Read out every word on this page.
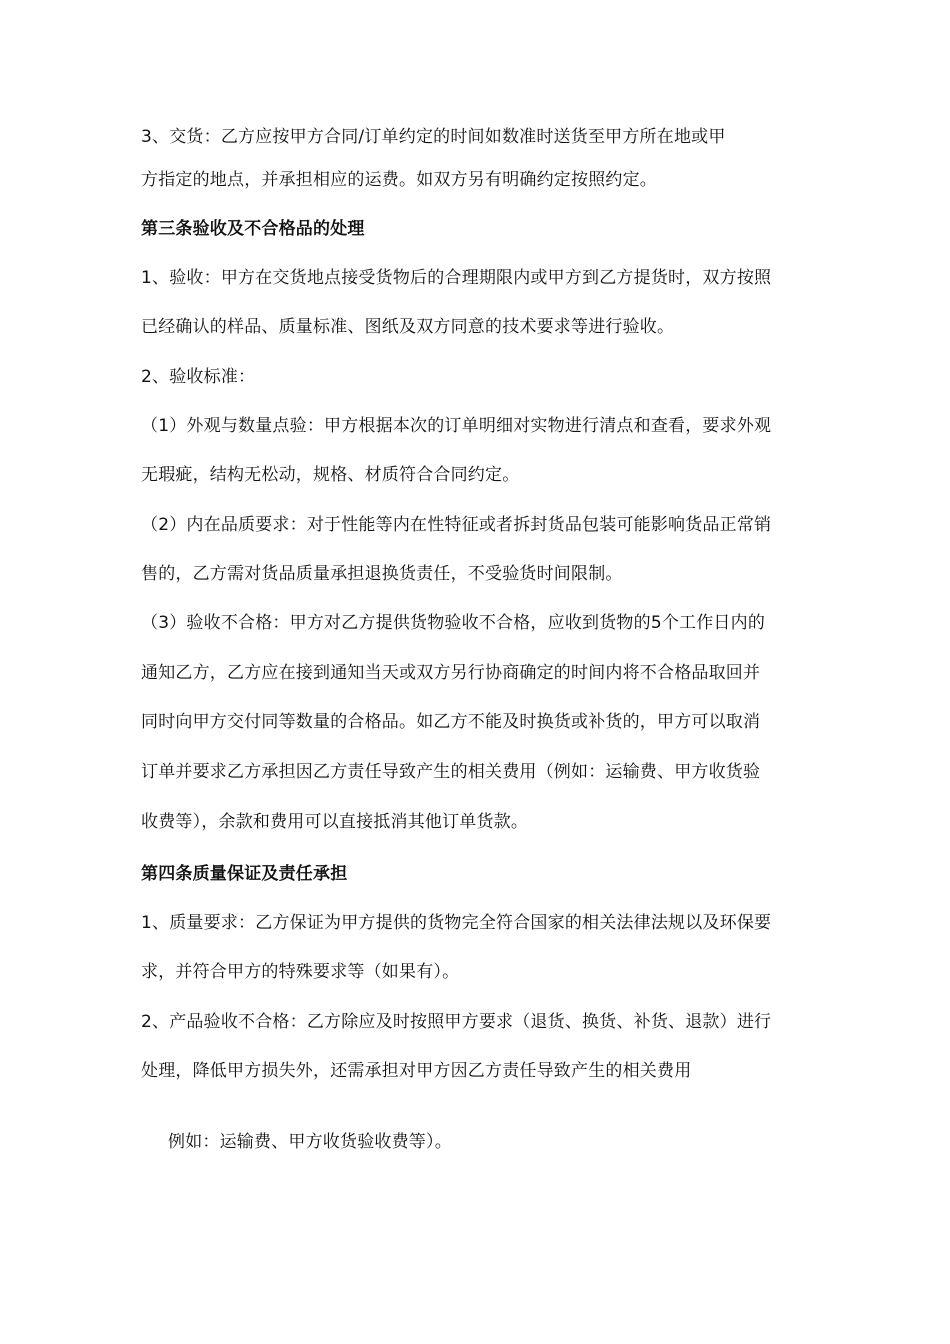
3、交货：乙方应按甲方合同/订单约定的时间如数准时送货至甲方所在地或甲
方指定的地点，并承担相应的运费。如双方另有明确约定按照约定。
第三条验收及不合格品的处理
1、验收：甲方在交货地点接受货物后的合理期限内或甲方到乙方提货时，双方按照
已经确认的样品、质量标准、图纸及双方同意的技术要求等进行验收。
2、验收标准：
（1）外观与数量点验：甲方根据本次的订单明细对实物进行清点和查看，要求外观
无瑕疵，结构无松动，规格、材质符合合同约定。
（2）内在品质要求：对于性能等内在性特征或者拆封货品包装可能影响货品正常销
售的，乙方需对货品质量承担退换货责任，不受验货时间限制。
（3）验收不合格：甲方对乙方提供货物验收不合格，应收到货物的5个工作日内的
通知乙方，乙方应在接到通知当天或双方另行协商确定的时间内将不合格品取回并
同时向甲方交付同等数量的合格品。如乙方不能及时换货或补货的，甲方可以取消
订单并要求乙方承担因乙方责任导致产生的相关费用（例如：运输费、甲方收货验
收费等），余款和费用可以直接抵消其他订单货款。
第四条质量保证及责任承担
1、质量要求：乙方保证为甲方提供的货物完全符合国家的相关法律法规以及环保要
求，并符合甲方的特殊要求等（如果有）。
2、产品验收不合格：乙方除应及时按照甲方要求（退货、换货、补货、退款）进行
处理，降低甲方损失外，还需承担对甲方因乙方责任导致产生的相关费用
例如：运输费、甲方收货验收费等）。
